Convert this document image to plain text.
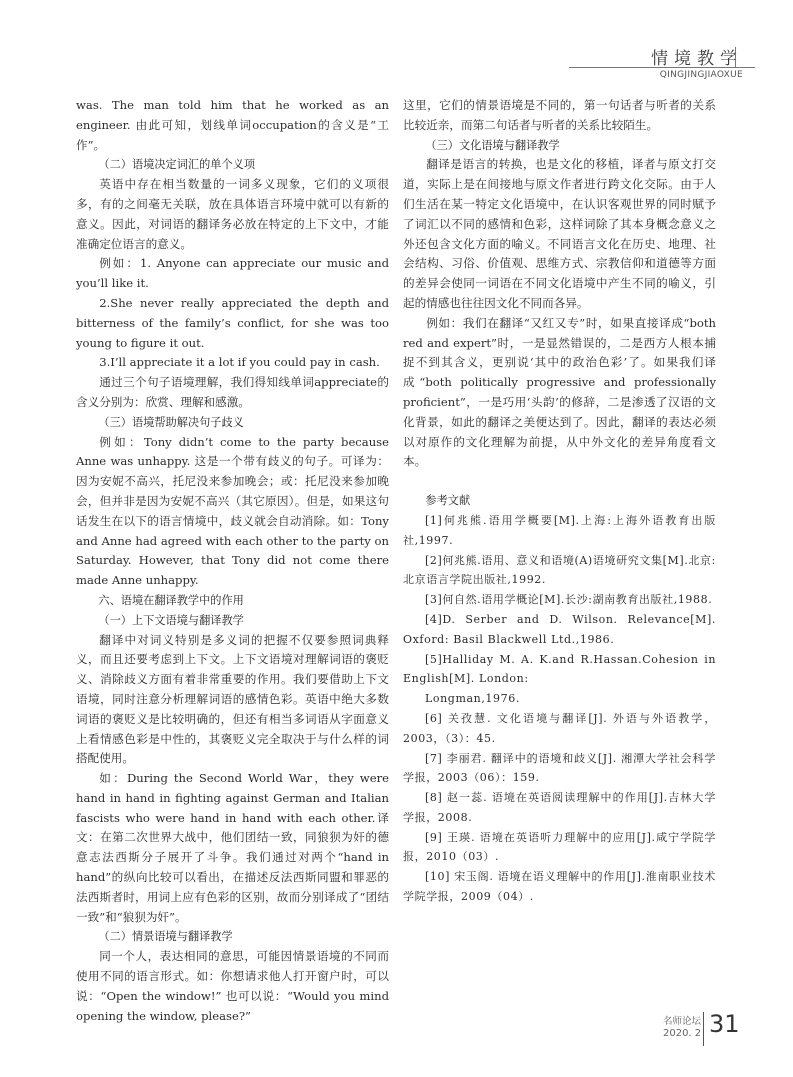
情境教学
QINGJINGJIAOXUE

was. The man told him that he worked as an engineer. 由此可知，划线单词occupation的含义是“工作”。

（二）语境决定词汇的单个义项

英语中存在相当数量的一词多义现象，它们的义项很多，有的之间毫无关联，放在具体语言环境中就可以有新的意义。因此，对词语的翻译务必放在特定的上下文中，才能准确定位语言的意义。

例如：1. Anyone can appreciate our music and you’ll like it.

2.She never really appreciated the depth and bitterness of the family’s conflict, for she was too young to figure it out.

3.I’ll appreciate it a lot if you could pay in cash.

通过三个句子语境理解，我们得知线单词appreciate的含义分别为：欣赏、理解和感激。

（三）语境帮助解决句子歧义

例如：Tony didn’t come to the party because Anne was unhappy. 这是一个带有歧义的句子。可译为：因为安妮不高兴，托尼没来参加晚会；或：托尼没来参加晚会，但并非是因为安妮不高兴（其它原因）。但是，如果这句话发生在以下的语言情境中，歧义就会自动消除。如：Tony and Anne had agreed with each other to the party on Saturday. However, that Tony did not come there made Anne unhappy.

六、语境在翻译教学中的作用
（一）上下文语境与翻译教学

翻译中对词义特别是多义词的把握不仅要参照词典释义，而且还要考虑到上下文。上下文语境对理解词语的褒贬义、消除歧义方面有着非常重要的作用。我们要借助上下文语境，同时注意分析理解词语的感情色彩。英语中绝大多数词语的褒贬义是比较明确的，但还有相当多词语从字面意义上看情感色彩是中性的，其褒贬义完全取决于与什么样的词搭配使用。

如：During the Second World War，they were hand in hand in fighting against German and Italian fascists who were hand in hand with each other.译文：在第二次世界大战中，他们团结一致，同狼狈为奸的德意志法西斯分子展开了斗争。我们通过对两个“hand in hand”的纵向比较可以看出，在描述反法西斯同盟和罪恶的法西斯者时，用词上应有色彩的区别，故而分别译成了“团结一致”和“狼狈为奸”。

（二）情景语境与翻译教学

同一个人，表达相同的意思，可能因情景语境的不同而使用不同的语言形式。如：你想请求他人打开窗户时，可以说：“Open the window!” 也可以说：“Would you mind opening the window, please?”

这里，它们的情景语境是不同的，第一句话者与听者的关系比较近亲，而第二句话者与听者的关系比较陌生。

（三）文化语境与翻译教学

翻译是语言的转换，也是文化的移植，译者与原文打交道，实际上是在间接地与原文作者进行跨文化交际。由于人们生活在某一特定文化语境中，在认识客观世界的同时赋予了词汇以不同的感情和色彩，这样词除了其本身概念意义之外还包含文化方面的喻义。不同语言文化在历史、地理、社会结构、习俗、价值观、思维方式、宗教信仰和道德等方面的差异会使同一词语在不同文化语境中产生不同的喻义，引起的情感也往往因文化不同而各异。

例如：我们在翻译“又红又专”时，如果直接译成“both red and expert”时，一是显然错误的，二是西方人根本捕捉不到其含义，更别说‘其中的政治色彩’了。如果我们译成“both politically progressive and professionally proficient”，一是巧用‘头韵’的修辞，二是渗透了汉语的文化背景，如此的翻译之美便达到了。因此，翻译的表达必须以对原作的文化理解为前提，从中外文化的差异角度看文本。

参考文献

[1]何兆熊.语用学概要[M].上海:上海外语教育出版社,1997.

[2]何兆熊.语用、意义和语境(A)语境研究文集[M].北京:北京语言学院出版社,1992.

[3]何自然.语用学概论[M].长沙:湖南教育出版社,1988.

[4]D. Serber and D. Wilson. Relevance[M]. Oxford: Basil Blackwell Ltd.,1986.

[5]Halliday M. A. K.and R.Hassan.Cohesion in English[M]. London:

Longman,1976.

[6] 关孜慧. 文化语境与翻译[J]. 外语与外语教学，2003，（3）：45.

[7] 李丽君. 翻译中的语境和歧义[J]. 湘潭大学社会科学学报，2003（06）：159.

[8] 赵一蕊. 语境在英语阅读理解中的作用[J].吉林大学学报，2008.

[9] 王瑛. 语境在英语听力理解中的应用[J].咸宁学院学报，2010（03）.

[10] 宋玉阁. 语境在语义理解中的作用[J].淮南职业技术学院学报，2009（04）.

名师论坛
2020. 2 31
